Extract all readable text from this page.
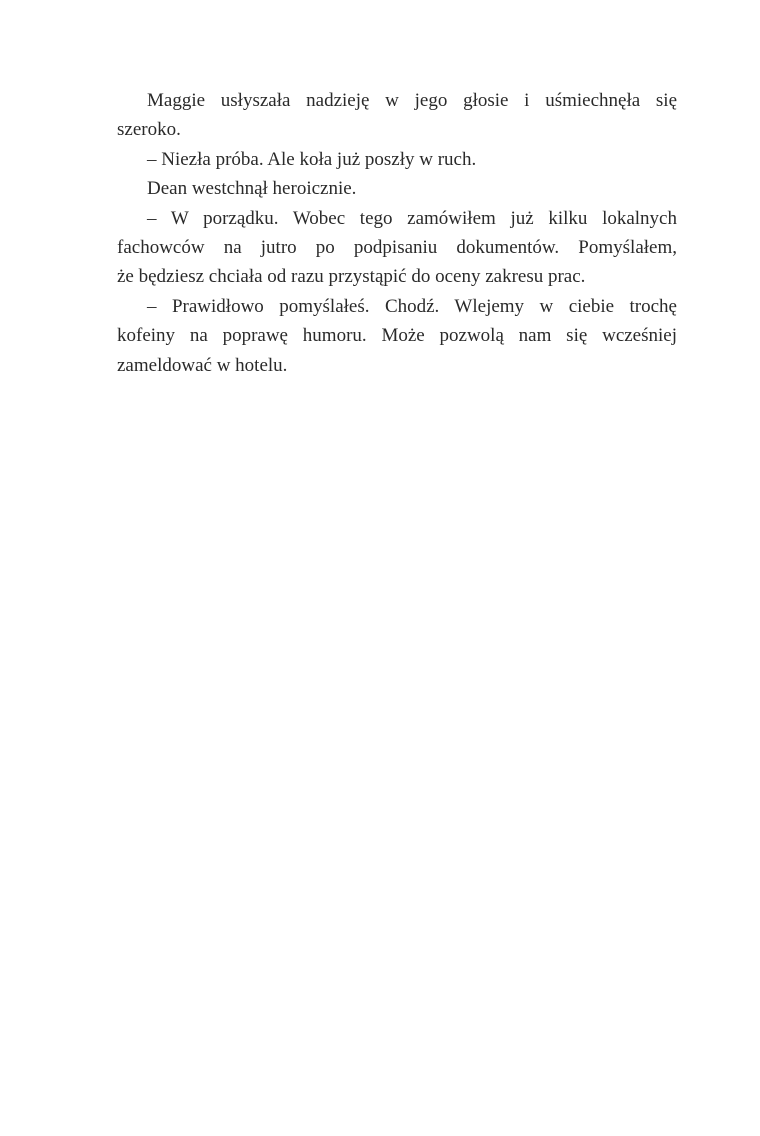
Maggie usłyszała nadzieję w jego głosie i uśmiechnęła się
szeroko.
– Niezła próba. Ale koła już poszły w ruch.
Dean westchnął heroicznie.
– W porządku. Wobec tego zamówiłem już kilku lokalnych
fachowców na jutro po podpisaniu dokumentów. Pomyślałem,
że będziesz chciała od razu przystąpić do oceny zakresu prac.
– Prawidłowo pomyślałeś. Chodź. Wlejemy w ciebie trochę
kofeiny na poprawę humoru. Może pozwolą nam się wcześniej
zameldować w hotelu.
